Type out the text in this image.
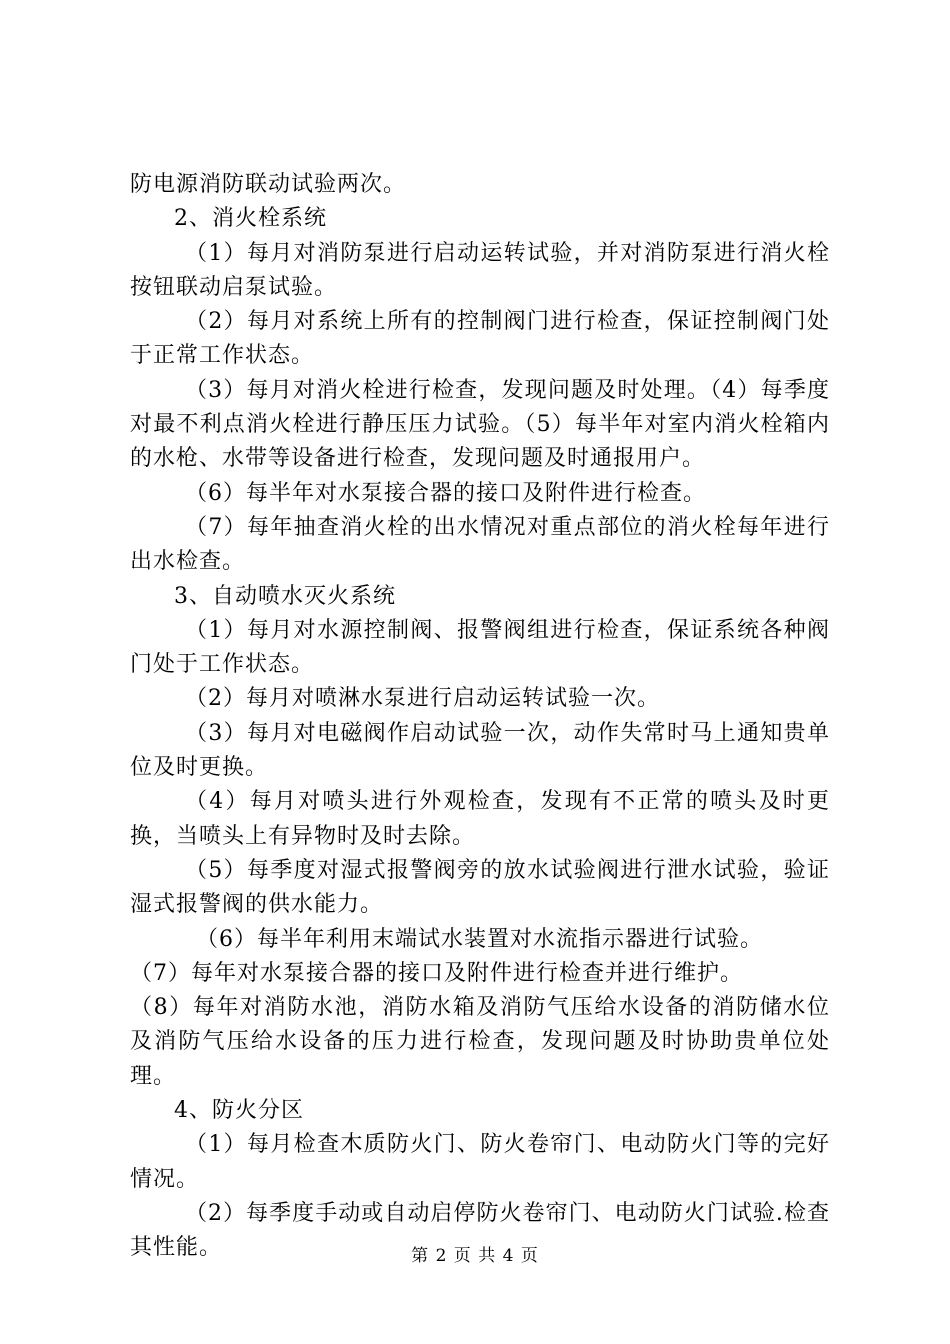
防电源消防联动试验两次。

2、消火栓系统

（1）每月对消防泵进行启动运转试验，并对消防泵进行消火栓按钮联动启泵试验。

（2）每月对系统上所有的控制阀门进行检查，保证控制阀门处于正常工作状态。

（3）每月对消火栓进行检查，发现问题及时处理。（4）每季度对最不利点消火栓进行静压压力试验。（5）每半年对室内消火栓箱内的水枪、水带等设备进行检查，发现问题及时通报用户。

（6）每半年对水泵接合器的接口及附件进行检查。

（7）每年抽查消火栓的出水情况对重点部位的消火栓每年进行出水检查。

3、自动喷水灭火系统

（1）每月对水源控制阀、报警阀组进行检查，保证系统各种阀门处于工作状态。

（2）每月对喷淋水泵进行启动运转试验一次。

（3）每月对电磁阀作启动试验一次，动作失常时马上通知贵单位及时更换。

（4）每月对喷头进行外观检查，发现有不正常的喷头及时更换，当喷头上有异物时及时去除。

（5）每季度对湿式报警阀旁的放水试验阀进行泄水试验，验证湿式报警阀的供水能力。

（6）每半年利用末端试水装置对水流指示器进行试验。

（7）每年对水泵接合器的接口及附件进行检查并进行维护。

（8）每年对消防水池，消防水箱及消防气压给水设备的消防储水位及消防气压给水设备的压力进行检查，发现问题及时协助贵单位处理。

4、防火分区

（1）每月检查木质防火门、防火卷帘门、电动防火门等的完好情况。

（2）每季度手动或自动启停防火卷帘门、电动防火门试验.检查其性能。	第 2 页 共 4 页
